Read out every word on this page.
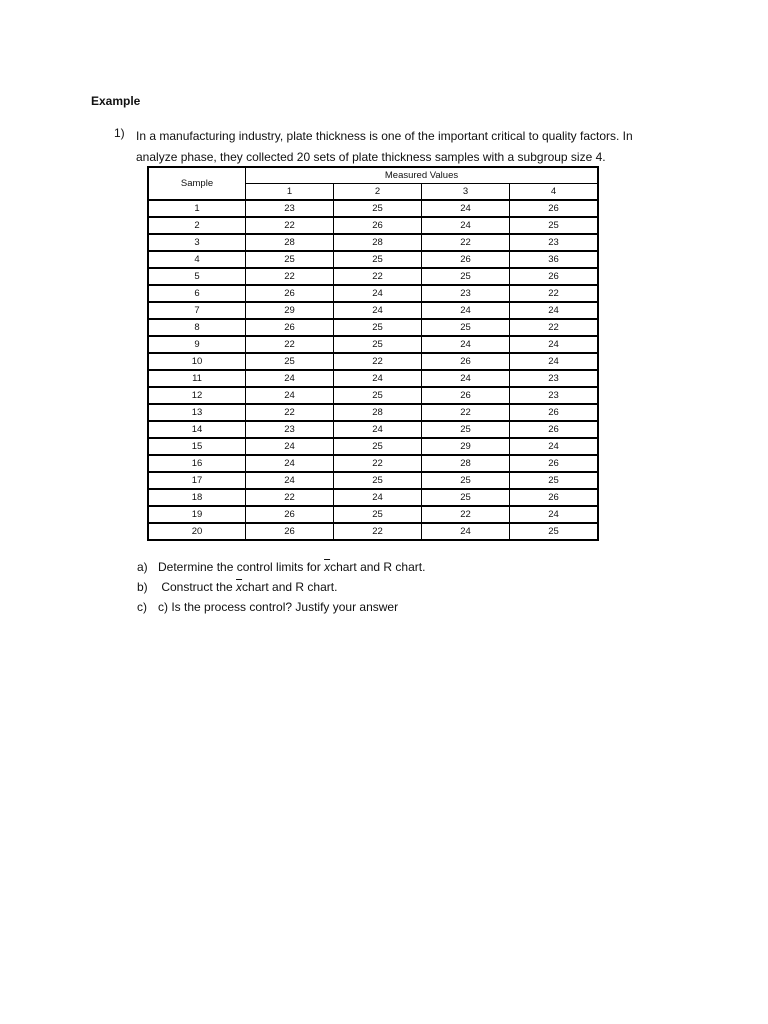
Example
1) In a manufacturing industry, plate thickness is one of the important critical to quality factors. In analyze phase, they collected 20 sets of plate thickness samples with a subgroup size 4.
Sample	Measured Values			
	1	2	3	4
1	23	25	24	26
2	22	26	24	25
3	28	28	22	23
4	25	25	26	36
5	22	22	25	26
6	26	24	23	22
7	29	24	24	24
8	26	25	25	22
9	22	25	24	24
10	25	22	26	24
11	24	24	24	23
12	24	25	26	23
13	22	28	22	26
14	23	24	25	26
15	24	25	29	24
16	24	22	28	26
17	24	25	25	25
18	22	24	25	26
19	26	25	22	24
20	26	22	24	25
a) Determine the control limits for $\overline{x}chart$ and R chart.
b) Construct the $\overline{x}chart$ and R chart.
c) c) Is the process control? Justify your answer
